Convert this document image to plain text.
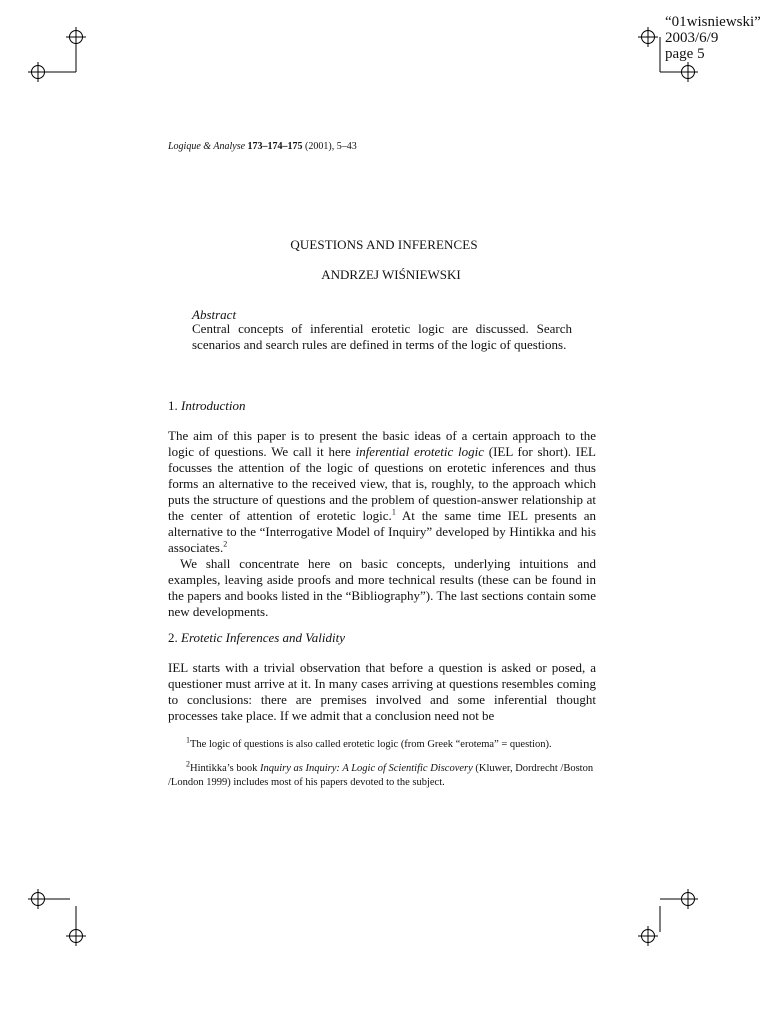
“01wisniewski”
2003/6/9
page 5
Logique & Analyse 173–174–175 (2001), 5–43
QUESTIONS AND INFERENCES
ANDRZEJ WIŚNIEWSKI
Abstract
Central concepts of inferential erotetic logic are discussed. Search scenarios and search rules are defined in terms of the logic of questions.
1. Introduction

The aim of this paper is to present the basic ideas of a certain approach to the logic of questions. We call it here inferential erotetic logic (IEL for short). IEL focusses the attention of the logic of questions on erotetic inferences and thus forms an alternative to the received view, that is, roughly, to the approach which puts the structure of questions and the problem of question-answer relationship at the center of attention of erotetic logic.$^1$ At the same time IEL presents an alternative to the “Interrogative Model of Inquiry” developed by Hintikka and his associates.$^2$

We shall concentrate here on basic concepts, underlying intuitions and examples, leaving aside proofs and more technical results (these can be found in the papers and books listed in the “Bibliography”). The last sections contain some new developments.

2. Erotetic Inferences and Validity

IEL starts with a trivial observation that before a question is asked or posed, a questioner must arrive at it. In many cases arriving at questions resembles coming to conclusions: there are premises involved and some inferential thought processes take place. If we admit that a conclusion need not be

$^1$The logic of questions is also called erotetic logic (from Greek “erotema” = question).
$^2$Hintikka’s book Inquiry as Inquiry: A Logic of Scientific Discovery (Kluwer, Dordrecht /Boston /London 1999) includes most of his papers devoted to the subject.
